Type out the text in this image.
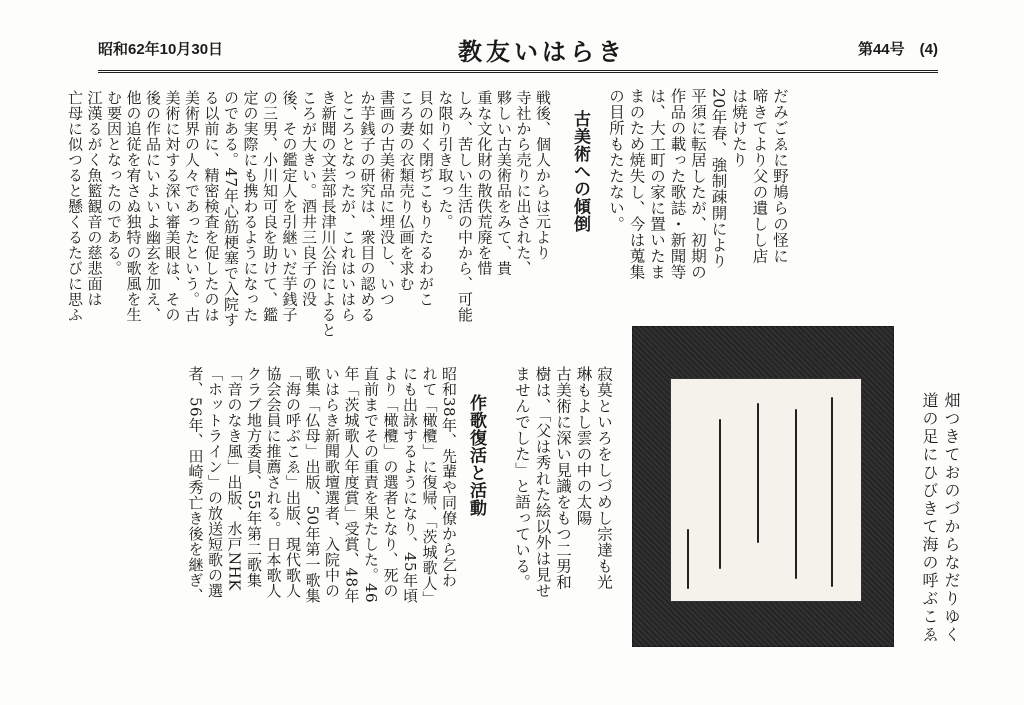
昭和62年10月30日	教友いはらき	第44号　(4)

だみごゑに野鳩らの怪に
啼きてより父の遺しし店
は焼けたり
20年春、強制疎開により
平須に転居したが、初期の
作品の載った歌誌・新聞等
は、大工町の家に置いたま
まのため焼失し、今は蒐集
の目所もたたない。

古美術への傾倒

戦後、個人からは元より
寺社から売りに出された、
夥しい古美術品をみて、貴
重な文化財の散佚荒廃を惜
しみ、苦しい生活の中から、可能
な限り引き取った。
貝の如く閉ぢこもりたるわがこ
ころ妻の衣類売り仏画を求む
書画の古美術品に埋没し、いつ
か芋銭子の研究は、衆目の認める
ところとなったが、これはいはら
き新聞の文芸部長津川公治によると
ころが大きい。酒井三良子の没
後、その鑑定人を引継いだ芋銭子
の三男、小川知可良を助けて、鑑
定の実際にも携わるようになった
のである。47年心筋梗塞で入院す
る以前に、精密検査を促したのは
美術界の人々であったという。古
美術に対する深い審美眼は、その
後の作品にいよいよ幽玄を加え、
他の追従を宥さぬ独特の歌風を生
む要因となったのである。
江漢るがく魚籃観音の慈悲面は
亡母に似つると懸くるたびに思ふ

寂莫といろをしづめし宗達も光
琳もよし雲の中の太陽
古美術に深い見識をもつ二男和
樹は、「父は秀れた絵以外は見せ
ませんでした」と語っている。

作歌復活と活動

昭和38年、先輩や同僚から乞わ
れて「橄欖」に復帰、「茨城歌人」
にも出詠するようになり、45年頃
より「橄欖」の選者となり、死の
直前までその重責を果たした。46
年「茨城歌人年度賞」受賞、48年
いはらき新聞歌壇選者、入院中の
歌集「仏母」出版、50年第一歌集
「海の呼ぶこゑ」出版、現代歌人
協会会員に推薦される。日本歌人
クラブ地方委員、55年第二歌集
「音のなき風」出版、水戸NHK
「ホットライン」の放送短歌の選
者、56年、田崎秀亡き後を継ぎ、	畑つきておのづからなだりゆく
道の足にひびきて海の呼ぶこゑ
